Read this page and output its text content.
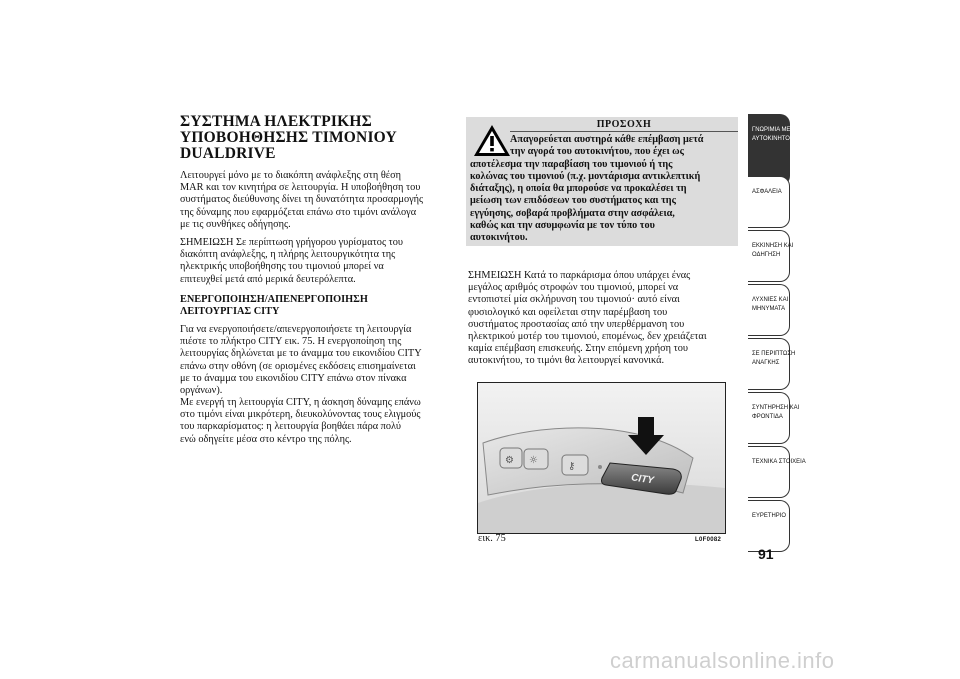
ΣΥΣΤΗΜΑ ΗΛΕΚΤΡΙΚΗΣ
ΥΠΟΒΟΗΘΗΣΗΣ ΤΙΜΟΝΙΟΥ
DUALDRIVE
Λειτουργεί μόνο με το διακόπτη ανάφλεξης στη θέση
MAR και τον κινητήρα σε λειτουργία. Η υποβοήθηση του
συστήματος διεύθυνσης δίνει τη δυνατότητα προσαρμογής
της δύναμης που εφαρμόζεται επάνω στο τιμόνι ανάλογα
με τις συνθήκες οδήγησης.
ΣΗΜΕΙΩΣΗ Σε περίπτωση γρήγορου γυρίσματος του
διακόπτη ανάφλεξης, η πλήρης λειτουργικότητα της
ηλεκτρικής υποβοήθησης του τιμονιού μπορεί να
επιτευχθεί μετά από μερικά δευτερόλεπτα.
ΕΝΕΡΓΟΠΟΙΗΣΗ/ΑΠΕΝΕΡΓΟΠΟΙΗΣΗ
ΛΕΙΤΟΥΡΓΙΑΣ CITY
Για να ενεργοποιήσετε/απενεργοποιήσετε τη λειτουργία
πιέστε το πλήκτρο CITY εικ. 75. Η ενεργοποίηση της
λειτουργίας δηλώνεται με το άναμμα του εικονιδίου CITY
επάνω στην οθόνη (σε ορισμένες εκδόσεις επισημαίνεται
με το άναμμα του εικονιδίου CITY επάνω στον πίνακα
οργάνων).
Με ενεργή τη λειτουργία CITY, η άσκηση δύναμης επάνω
στο τιμόνι είναι μικρότερη, διευκολύνοντας τους ελιγμούς
του παρκαρίσματος: η λειτουργία βοηθάει πάρα πολύ
ενώ οδηγείτε μέσα στο κέντρο της πόλης.
ΠΡΟΣΟΧΗ
Απαγορεύεται αυστηρά κάθε επέμβαση μετά
την αγορά του αυτοκινήτου, που έχει ως
αποτέλεσμα την παραβίαση του τιμονιού ή της
κολώνας του τιμονιού (π.χ. μοντάρισμα αντικλεπτική
διάταξης), η οποία θα μπορούσε να προκαλέσει τη
μείωση των επιδόσεων του συστήματος και της
εγγύησης, σοβαρά προβλήματα στην ασφάλεια,
καθώς και την ασυμφωνία με τον τύπο του
αυτοκινήτου.
ΣΗΜΕΙΩΣΗ Κατά το παρκάρισμα όπου υπάρχει ένας
μεγάλος αριθμός στροφών του τιμονιού, μπορεί να
εντοπιστεί μία σκλήρυνση του τιμονιού· αυτό είναι
φυσιολογικό και οφείλεται στην παρέμβαση του
συστήματος προστασίας από την υπερθέρμανση του
ηλεκτρικού μοτέρ του τιμονιού, επομένως, δεν χρειάζεται
καμία επέμβαση επισκευής. Στην επόμενη χρήση του
αυτοκινήτου, το τιμόνι θα λειτουργεί κανονικά.
⚙ ☼
⚷
CITY
εικ. 75	L0F0082
ΓΝΩΡΙΜΙΑ ΜΕ ΤΟ
ΑΥΤΟΚΙΝΗΤΟ
ΑΣΦΑΛΕΙΑ
ΕΚΚΙΝΗΣΗ ΚΑΙ
ΟΔΗΓΗΣΗ
ΛΥΧΝΙΕΣ ΚΑΙ
ΜΗΝΥΜΑΤΑ
ΣΕ ΠΕΡΙΠΤΩΣΗ
ΑΝΑΓΚΗΣ
ΣΥΝΤΗΡΗΣΗ ΚΑΙ
ΦΡΟΝΤΙΔΑ
ΤΕΧΝΙΚΑ ΣΤΟΙΧΕΙΑ
ΕΥΡΕΤΗΡΙΟ
91
carmanualsonline.info
